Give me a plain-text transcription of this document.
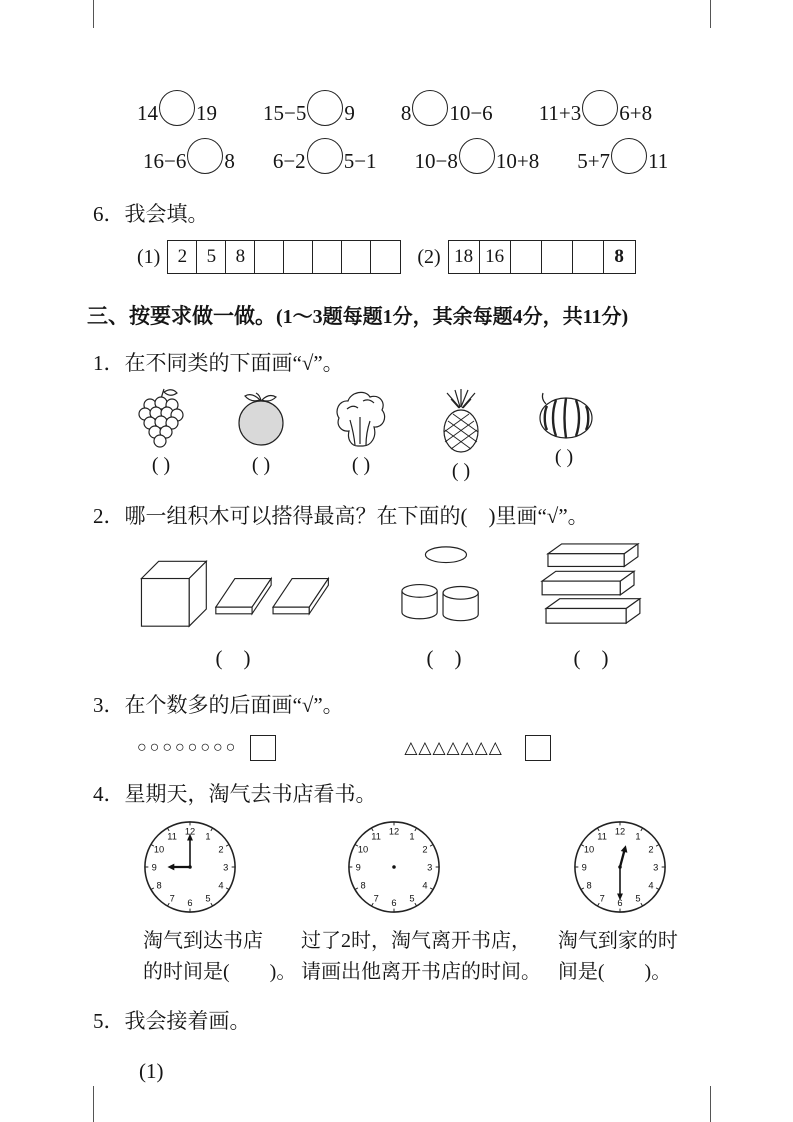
14 19 15−5 9 8 10−6 11+3 6+8
16−6 8 6−2 5−1 10−8 10+8 5+7 11
6．我会填。
(1) 2	5	8	(2) 18 16	8
三、按要求做一做。(1～3题每题1分，其余每题4分，共11分)
1．在不同类的下面画“√”。
( )	( )	( )	( )
( )
2．哪一组积木可以搭得最高？在下面的(　)里画“√”。
(　)	(　)	(　)
3．在个数多的后面画“√”。
○○○○○○○○	△△△△△△△
4．星期天，淘气去书店看书。
12 1
2
3
4
5
6
7
8
9
10
11	12 1
2
3
4
5
6
7
8
9
10
11	12 1
2
3
4
5
6
7
8
9
10
11
淘气到达书店
的时间是(　　)。
过了2时，淘气离开书店，
请画出他离开书店的时间。
淘气到家的时
间是(　　)。
5．我会接着画。
(1)
